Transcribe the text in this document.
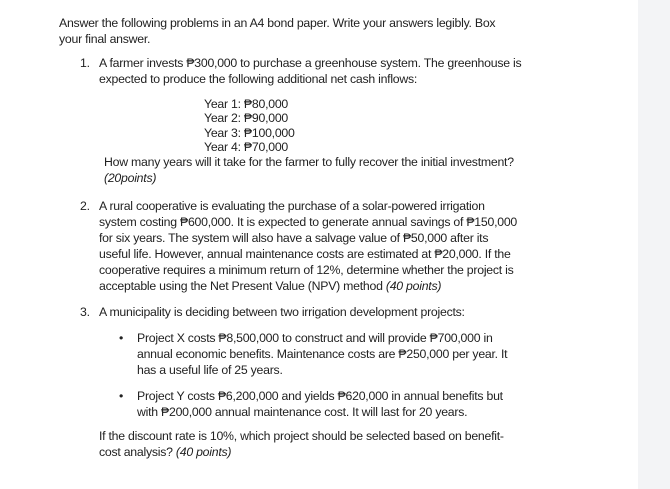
Answer the following problems in an A4 bond paper. Write your answers legibly. Box
your final answer.
1. A farmer invests ₱300,000 to purchase a greenhouse system. The greenhouse is
expected to produce the following additional net cash inflows:
Year 1: ₱80,000
Year 2: ₱90,000
Year 3: ₱100,000
Year 4: ₱70,000
How many years will it take for the farmer to fully recover the initial investment?
(20points)
2. A rural cooperative is evaluating the purchase of a solar-powered irrigation
system costing ₱600,000. It is expected to generate annual savings of ₱150,000
for six years. The system will also have a salvage value of ₱50,000 after its
useful life. However, annual maintenance costs are estimated at ₱20,000. If the
cooperative requires a minimum return of 12%, determine whether the project is
acceptable using the Net Present Value (NPV) method (40 points)
3. A municipality is deciding between two irrigation development projects:
• Project X costs ₱8,500,000 to construct and will provide ₱700,000 in
annual economic benefits. Maintenance costs are ₱250,000 per year. It
has a useful life of 25 years.
• Project Y costs ₱6,200,000 and yields ₱620,000 in annual benefits but
with ₱200,000 annual maintenance cost. It will last for 20 years.
If the discount rate is 10%, which project should be selected based on benefit-
cost analysis? (40 points)
